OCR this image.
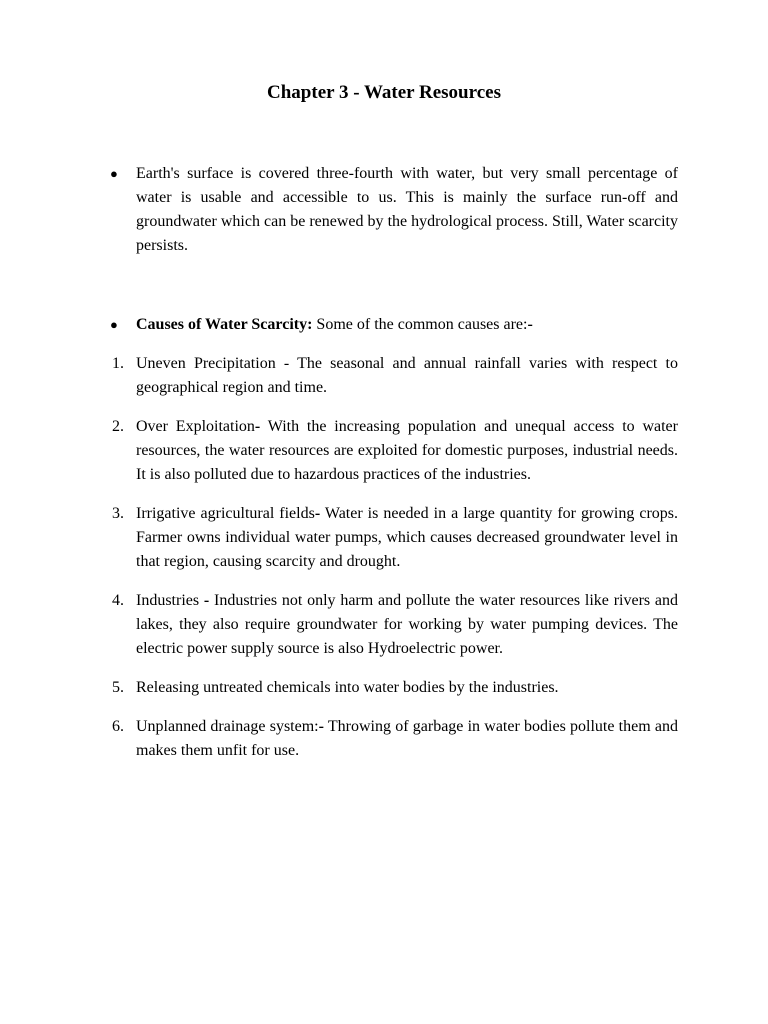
Chapter 3 - Water Resources
●	Earth's surface is covered three-fourth with water, but very small percentage of water is usable and accessible to us. This is mainly the surface run-off and groundwater which can be renewed by the hydrological process. Still, Water scarcity persists.
●	Causes of Water Scarcity: Some of the common causes are:-
1. Uneven Precipitation - The seasonal and annual rainfall varies with respect to geographical region and time.
2. Over Exploitation- With the increasing population and unequal access to water resources, the water resources are exploited for domestic purposes, industrial needs. It is also polluted due to hazardous practices of the industries.
3. Irrigative agricultural fields- Water is needed in a large quantity for growing crops. Farmer owns individual water pumps, which causes decreased groundwater level in that region, causing scarcity and drought.
4. Industries - Industries not only harm and pollute the water resources like rivers and lakes, they also require groundwater for working by water pumping devices. The electric power supply source is also Hydroelectric power.
5. Releasing untreated chemicals into water bodies by the industries.
6. Unplanned drainage system:- Throwing of garbage in water bodies pollute them and makes them unfit for use.
